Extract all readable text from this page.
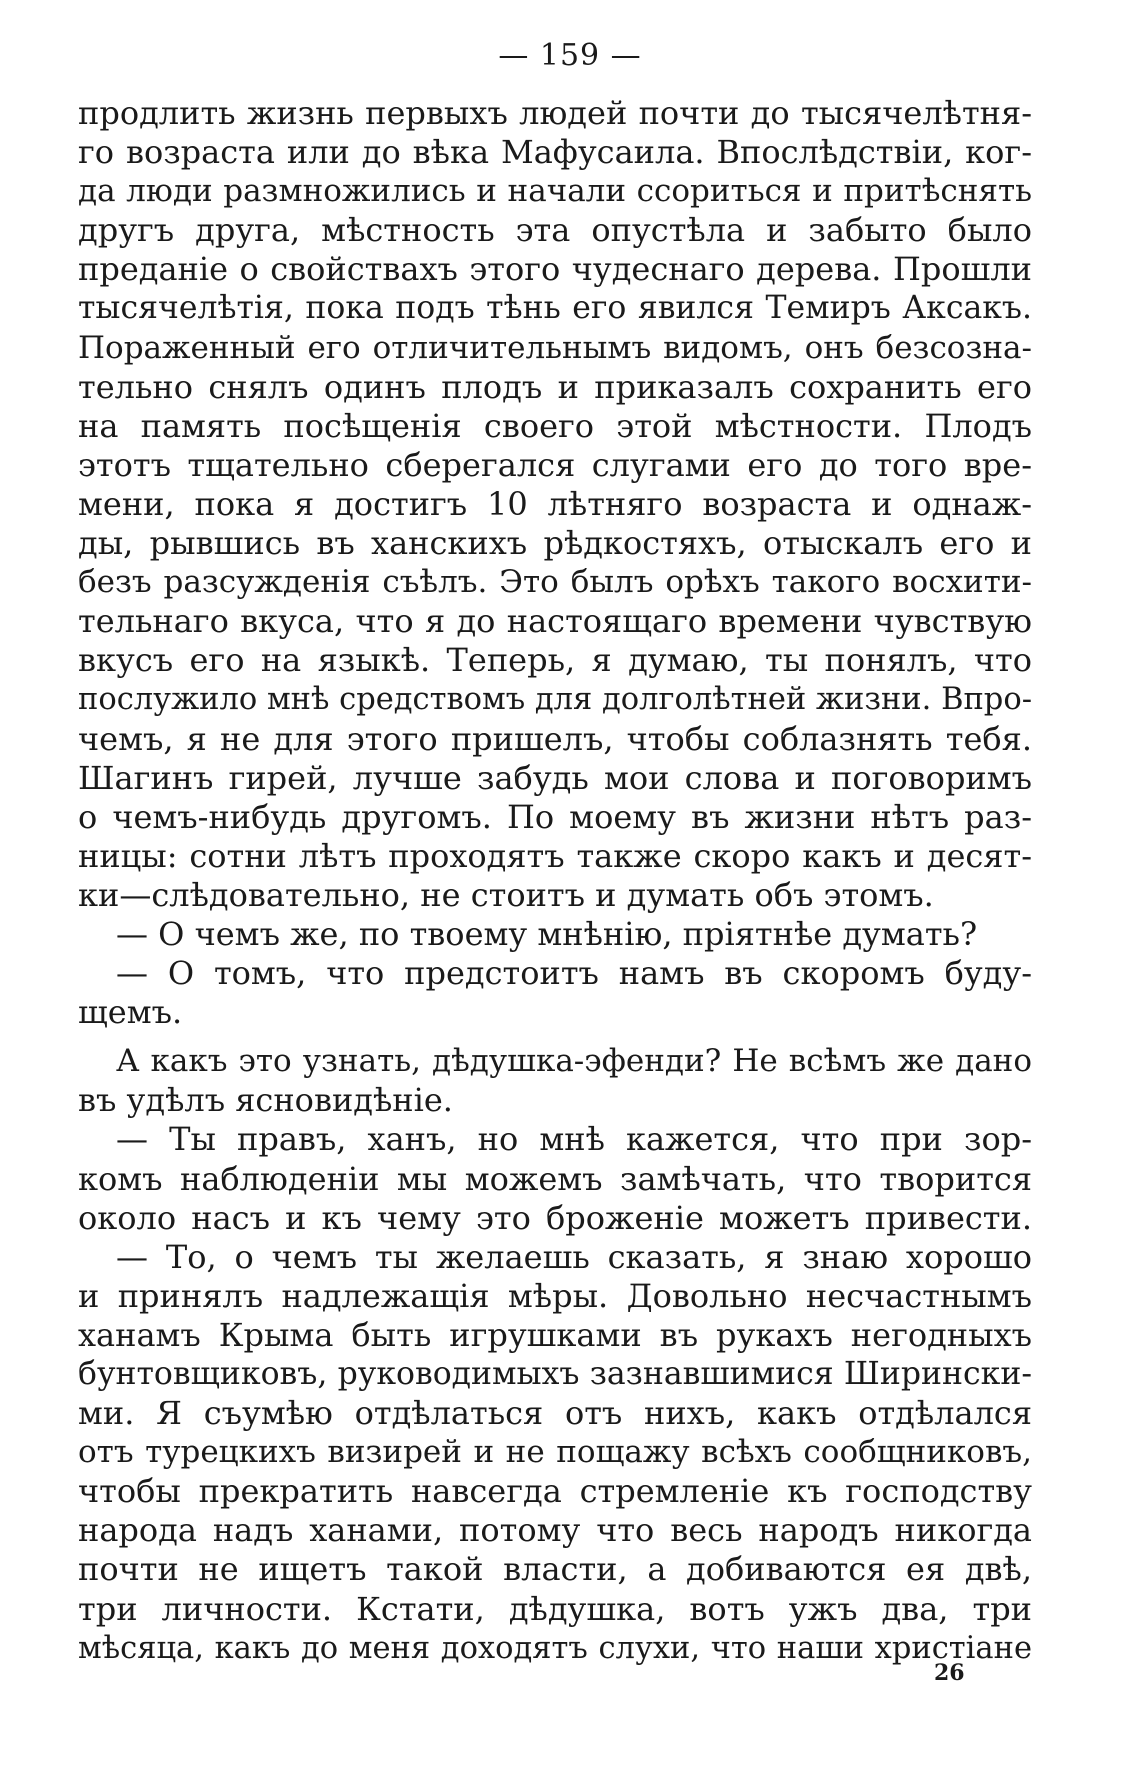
— 159 —
продлить жизнь первыхъ людей почти до тысячелѣтня-
го возраста или до вѣка Мафусаила. Впослѣдствіи, ког-
да люди размножились и начали ссориться и притѣснять
другъ друга, мѣстность эта опустѣла и забыто было
преданіе о свойствахъ этого чудеснаго дерева. Прошли
тысячелѣтія, пока подъ тѣнь его явился Темиръ Аксакъ.
Пораженный его отличительнымъ видомъ, онъ безсозна-
тельно снялъ одинъ плодъ и приказалъ сохранить его
на память посѣщенія своего этой мѣстности. Плодъ
этотъ тщательно сберегался слугами его до того вре-
мени, пока я достигъ 10 лѣтняго возраста и однаж-
ды, рывшись въ ханскихъ рѣдкостяхъ, отыскалъ его и
безъ разсужденія съѣлъ. Это былъ орѣхъ такого восхити-
тельнаго вкуса, что я до настоящаго времени чувствую
вкусъ его на языкѣ. Теперь, я думаю, ты понялъ, что
послужило мнѣ средствомъ для долголѣтней жизни. Впро-
чемъ, я не для этого пришелъ, чтобы соблазнять тебя.
Шагинъ гирей, лучше забудь мои слова и поговоримъ
о чемъ-нибудь другомъ. По моему въ жизни нѣтъ раз-
ницы: сотни лѣтъ проходятъ также скоро какъ и десят-
ки—слѣдовательно, не стоитъ и думать объ этомъ.
— О чемъ же, по твоему мнѣнію, пріятнѣе думать?
— О томъ, что предстоитъ намъ въ скоромъ буду-
щемъ.
А какъ это узнать, дѣдушка-эфенди? Не всѣмъ же дано
въ удѣлъ ясновидѣніе.
— Ты правъ, ханъ, но мнѣ кажется, что при зор-
комъ наблюденіи мы можемъ замѣчать, что творится
около насъ и къ чему это броженіе можетъ привести.
— То, о чемъ ты желаешь сказать, я знаю хорошо
и принялъ надлежащія мѣры. Довольно несчастнымъ
ханамъ Крыма быть игрушками въ рукахъ негодныхъ
бунтовщиковъ, руководимыхъ зазнавшимися Ширински-
ми. Я съумѣю отдѣлаться отъ нихъ, какъ отдѣлался
отъ турецкихъ визирей и не пощажу всѣхъ сообщниковъ,
чтобы прекратить навсегда стремленіе къ господству
народа надъ ханами, потому что весь народъ никогда
почти не ищетъ такой власти, а добиваются ея двѣ,
три личности. Кстати, дѣдушка, вотъ ужъ два, три
мѣсяца, какъ до меня доходятъ слухи, что наши христіане
26
